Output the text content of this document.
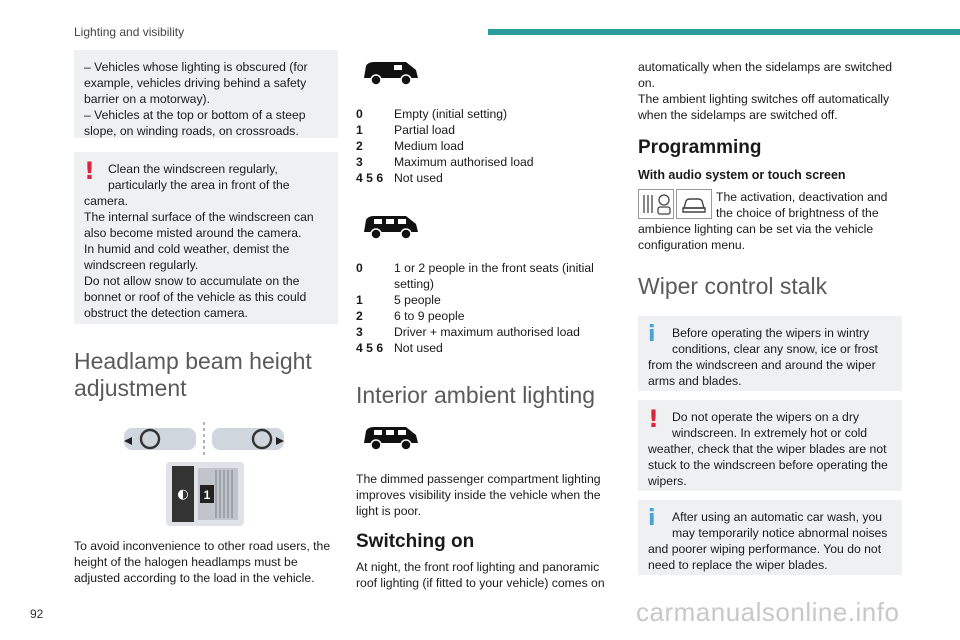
Lighting and visibility

– Vehicles whose lighting is obscured (for example, vehicles driving behind a safety barrier on a motorway).
– Vehicles at the top or bottom of a steep slope, on winding roads, on crossroads.

!	Clean the windscreen regularly, particularly the area in front of the

camera.
The internal surface of the windscreen can also become misted around the camera.
In humid and cold weather, demist the windscreen regularly.
Do not allow snow to accumulate on the bonnet or roof of the vehicle as this could obstruct the detection camera.

Headlamp beam height adjustment
◐ 1

To avoid inconvenience to other road users, the height of the halogen headlamps must be adjusted according to the load in the vehicle.

0	Empty (initial setting)
1	Partial load
2	Medium load
3	Maximum authorised load
4 5 6 Not used
0	1 or 2 people in the front seats (initial setting)
1	5 people
2	6 to 9 people
3	Driver + maximum authorised load
4 5 6 Not used
Interior ambient lighting

The dimmed passenger compartment lighting improves visibility inside the vehicle when the light is poor.

Switching on

At night, the front roof lighting and panoramic roof lighting (if fitted to your vehicle) comes on

automatically when the sidelamps are switched on.
The ambient lighting switches off automatically when the sidelamps are switched off.

Programming
With audio system or touch screen
The activation, deactivation and the choice of brightness of the

ambience lighting can be set via the vehicle configuration menu.

Wiper control stalk
i	Before operating the wipers in wintry conditions, clear any snow, ice or frost

from the windscreen and around the wiper arms and blades.

!	Do not operate the wipers on a dry windscreen. In extremely hot or cold

weather, check that the wiper blades are not stuck to the windscreen before operating the wipers.

i	After using an automatic car wash, you may temporarily notice abnormal noises

and poorer wiping performance. You do not need to replace the wiper blades.

92	carmanualsonline.info
